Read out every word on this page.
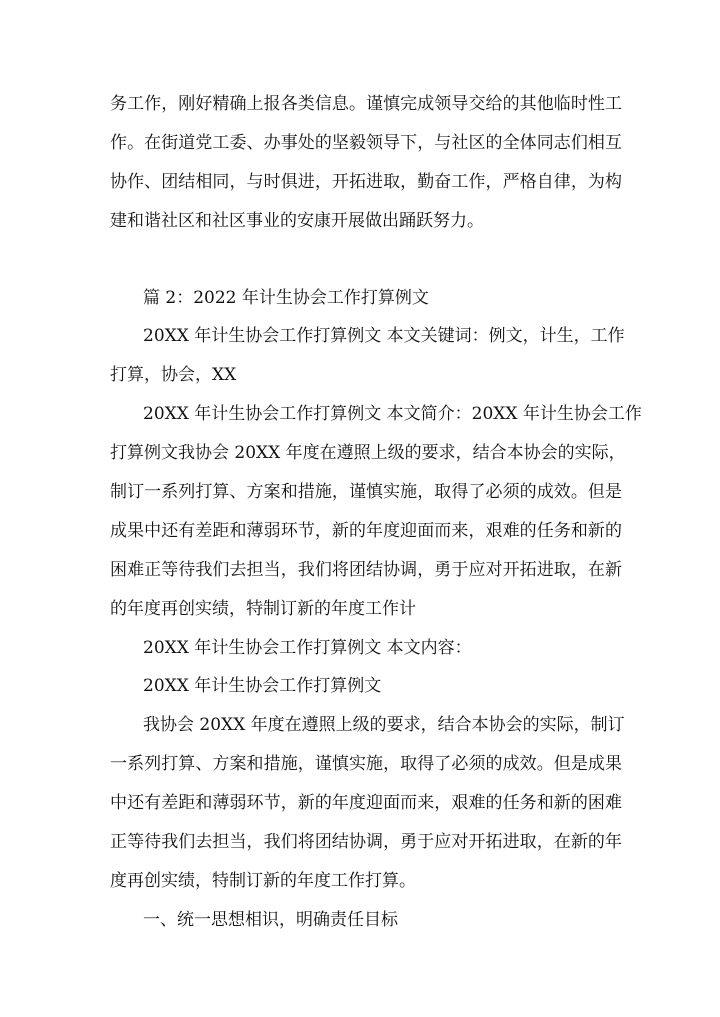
务工作，刚好精确上报各类信息。谨慎完成领导交给的其他临时性工
作。在街道党工委、办事处的坚毅领导下，与社区的全体同志们相互
协作、团结相同，与时俱进，开拓进取，勤奋工作，严格自律，为构
建和谐社区和社区事业的安康开展做出踊跃努力。
篇 2：2022 年计生协会工作打算例文
20XX 年计生协会工作打算例文 本文关键词：例文，计生，工作
打算，协会，XX
20XX 年计生协会工作打算例文 本文简介：20XX 年计生协会工作
打算例文我协会 20XX 年度在遵照上级的要求，结合本协会的实际，
制订一系列打算、方案和措施，谨慎实施，取得了必须的成效。但是
成果中还有差距和薄弱环节，新的年度迎面而来，艰难的任务和新的
困难正等待我们去担当，我们将团结协调，勇于应对开拓进取，在新
的年度再创实绩，特制订新的年度工作计
20XX 年计生协会工作打算例文 本文内容：
20XX 年计生协会工作打算例文
我协会 20XX 年度在遵照上级的要求，结合本协会的实际，制订
一系列打算、方案和措施，谨慎实施，取得了必须的成效。但是成果
中还有差距和薄弱环节，新的年度迎面而来，艰难的任务和新的困难
正等待我们去担当，我们将团结协调，勇于应对开拓进取，在新的年
度再创实绩，特制订新的年度工作打算。
一、统一思想相识，明确责任目标
